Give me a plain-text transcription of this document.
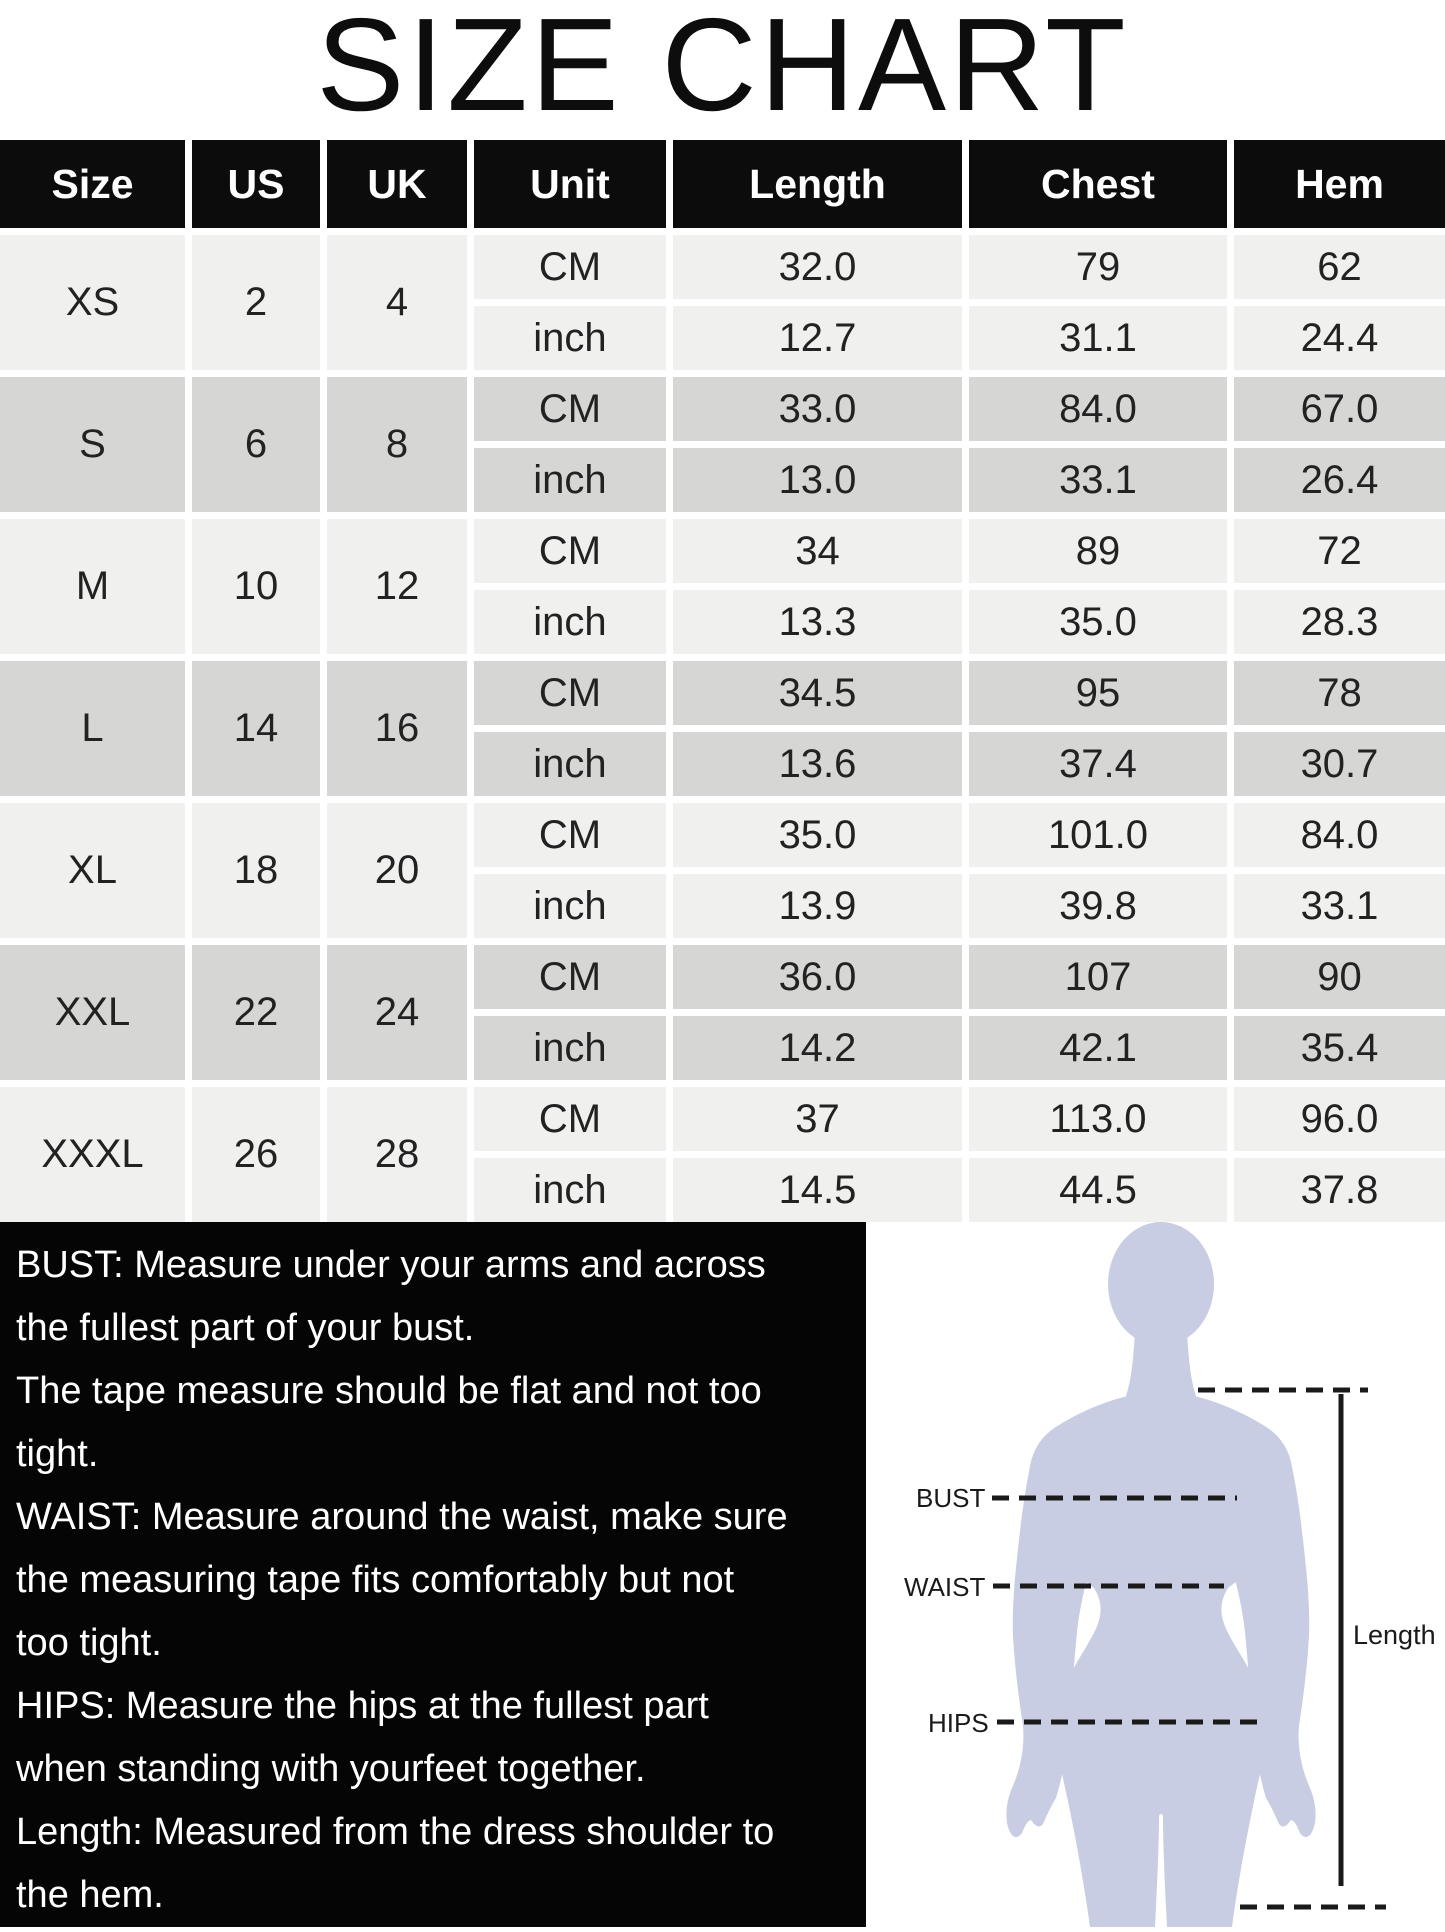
SIZE CHART
Size	US	UK	Unit	Length	Chest	Hem
XS	2	4
CM	32.0	79	62
inch	12.7	31.1	24.4
S	6	8
CM	33.0	84.0	67.0
inch	13.0	33.1	26.4
M	10	12
CM	34	89	72
inch	13.3	35.0	28.3
L	14	16
CM	34.5	95	78
inch	13.6	37.4	30.7
XL	18	20
CM	35.0	101.0	84.0
inch	13.9	39.8	33.1
XXL	22	24
CM	36.0	107	90
inch	14.2	42.1	35.4
XXXL	26	28
CM	37	113.0	96.0
inch	14.5	44.5	37.8
BUST: Measure under your arms and across
the fullest part of your bust.
The tape measure should be flat and not too
tight.
WAIST: Measure around the waist, make sure
the measuring tape fits comfortably but not
too tight.
HIPS: Measure the hips at the fullest part
when standing with yourfeet together.
Length: Measured from the dress shoulder to
the hem.
BUST
WAIST
HIPS
Length
